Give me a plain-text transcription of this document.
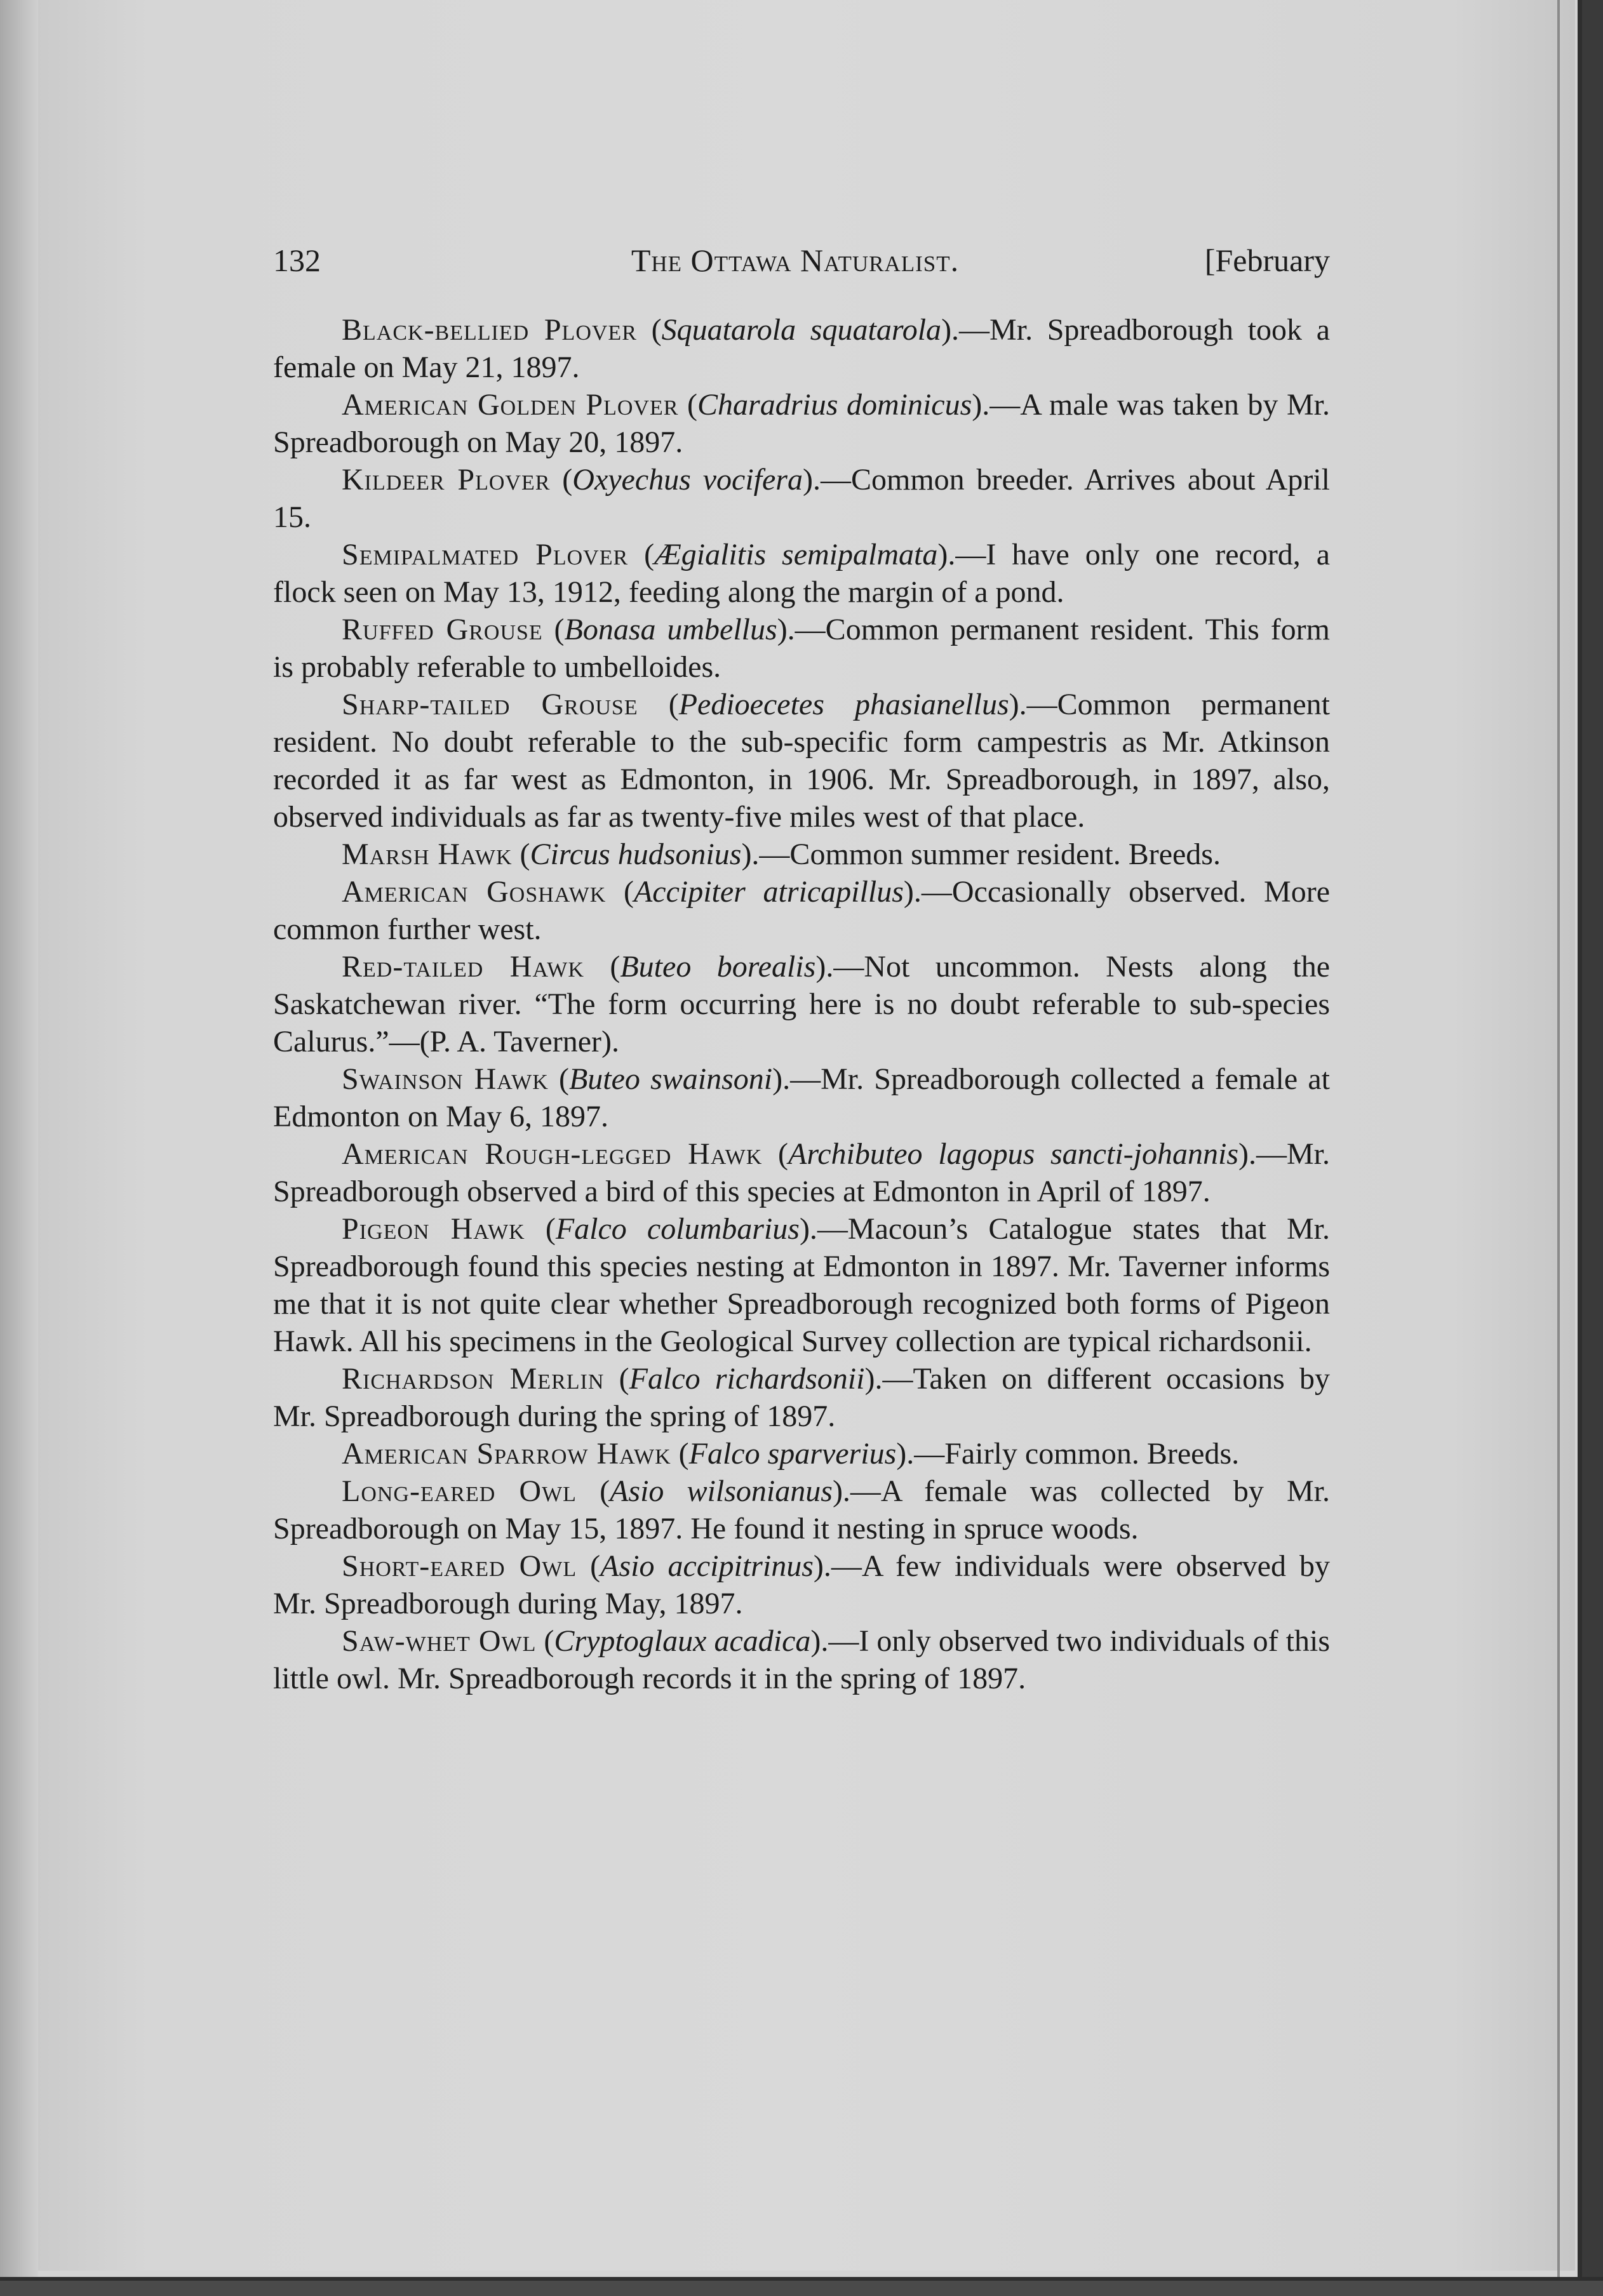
132	The Ottawa Naturalist.	[February

Black-bellied Plover (Squatarola squatarola).—Mr. Spreadborough took a female on May 21, 1897.

American Golden Plover (Charadrius dominicus).—A male was taken by Mr. Spreadborough on May 20, 1897.

Kildeer Plover (Oxyechus vocifera).—Common breeder. Arrives about April 15.

Semipalmated Plover (Ægialitis semipalmata).—I have only one record, a flock seen on May 13, 1912, feeding along the margin of a pond.

Ruffed Grouse (Bonasa umbellus).—Common permanent resident. This form is probably referable to umbelloides.

Sharp-tailed Grouse (Pedioecetes phasianellus).—Common permanent resident. No doubt referable to the sub-specific form campestris as Mr. Atkinson recorded it as far west as Edmonton, in 1906. Mr. Spreadborough, in 1897, also, observed individuals as far as twenty-five miles west of that place.

Marsh Hawk (Circus hudsonius).—Common summer resident. Breeds.

American Goshawk (Accipiter atricapillus).—Occasionally observed. More common further west.

Red-tailed Hawk (Buteo borealis).—Not uncommon. Nests along the Saskatchewan river. “The form occurring here is no doubt referable to sub-species Calurus.”—(P. A. Taverner).

Swainson Hawk (Buteo swainsoni).—Mr. Spreadborough collected a female at Edmonton on May 6, 1897.

American Rough-legged Hawk (Archibuteo lagopus sancti-johannis).—Mr. Spreadborough observed a bird of this species at Edmonton in April of 1897.

Pigeon Hawk (Falco columbarius).—Macoun’s Catalogue states that Mr. Spreadborough found this species nesting at Edmonton in 1897. Mr. Taverner informs me that it is not quite clear whether Spreadborough recognized both forms of Pigeon Hawk. All his specimens in the Geological Survey collection are typical richardsonii.

Richardson Merlin (Falco richardsonii).—Taken on different occasions by Mr. Spreadborough during the spring of 1897.

American Sparrow Hawk (Falco sparverius).—Fairly common. Breeds.

Long-eared Owl (Asio wilsonianus).—A female was collected by Mr. Spreadborough on May 15, 1897. He found it nesting in spruce woods.

Short-eared Owl (Asio accipitrinus).—A few individuals were observed by Mr. Spreadborough during May, 1897.

Saw-whet Owl (Cryptoglaux acadica).—I only observed two individuals of this little owl. Mr. Spreadborough records it in the spring of 1897.
